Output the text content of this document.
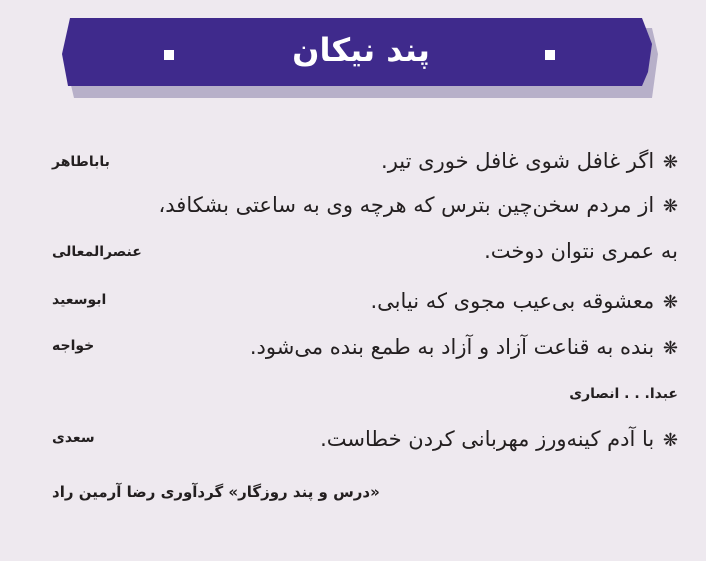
پند نیکان
❋ اگر غافل شوی غافل خوری تیر.
باباطاهر
❋ از مردم سخن‌چین بترس که هرچه وی به ساعتی بشکافد،
به عمری نتوان دوخت.
عنصرالمعالی
❋ معشوقه بی‌عیب مجوی که نیابی.
ابوسعید
❋ بنده به قناعت آزاد و آزاد به طمع بنده می‌شود.
خواجه
عبدا. . . انصاری
❋ با آدم کینه‌ورز مهربانی کردن خطاست.
سعدی
«درس و پند روزگار» گردآوری رضا آرمین راد
